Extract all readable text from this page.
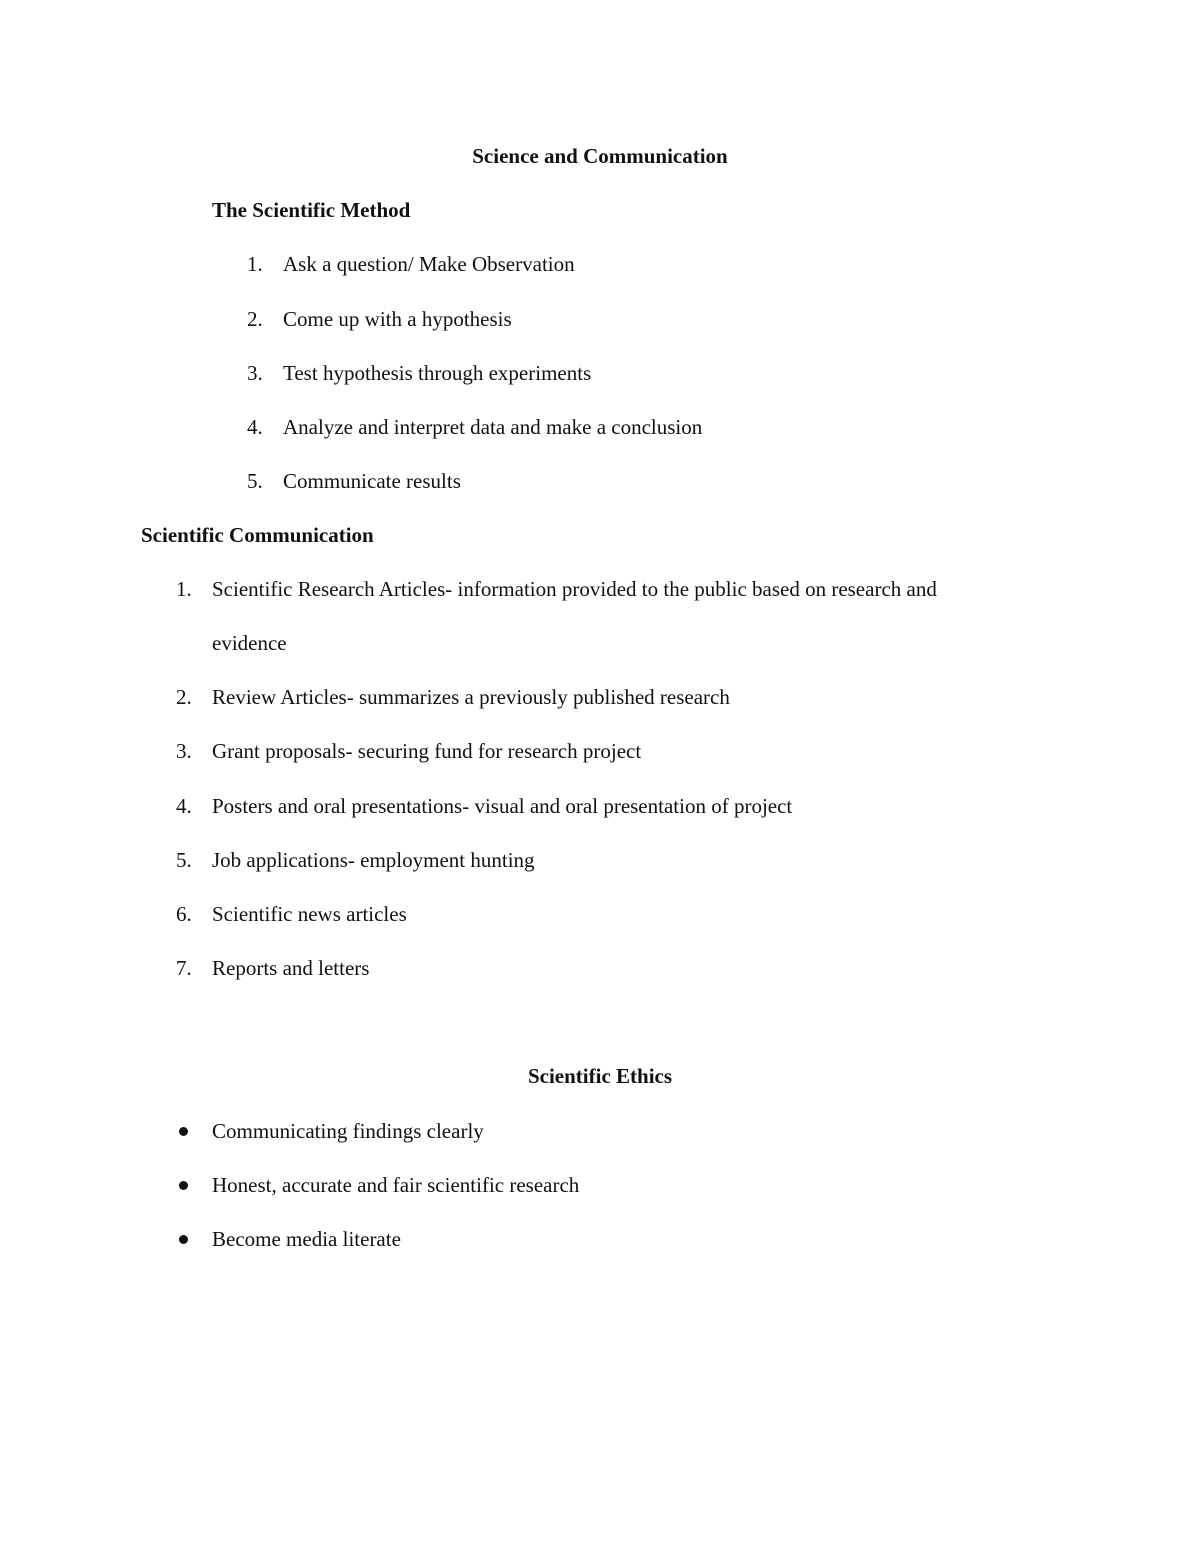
Science and Communication
The Scientific Method
1. Ask a question/ Make Observation
2. Come up with a hypothesis
3. Test hypothesis through experiments
4. Analyze and interpret data and make a conclusion
5. Communicate results
Scientific Communication
1. Scientific Research Articles- information provided to the public based on research and
evidence
2. Review Articles- summarizes a previously published research
3. Grant proposals- securing fund for research project
4. Posters and oral presentations- visual and oral presentation of project
5. Job applications- employment hunting
6. Scientific news articles
7. Reports and letters
Scientific Ethics
Communicating findings clearly
Honest, accurate and fair scientific research
Become media literate
